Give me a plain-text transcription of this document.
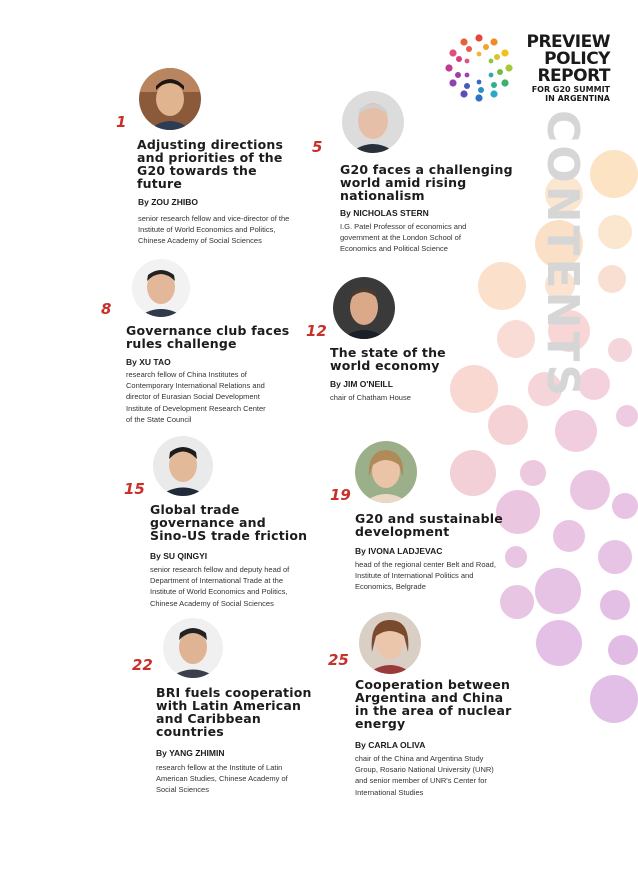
CONTENTS
PREVIEW
POLICY
REPORT
FOR G20 SUMMIT
IN ARGENTINA
1
Adjusting directions
and priorities of the
G20 towards the
future
By ZOU ZHIBO
senior research fellow and vice-director of the
Institute of World Economics and Politics,
Chinese Academy of Social Sciences
5
G20 faces a challenging
world amid rising
nationalism
By NICHOLAS STERN
I.G. Patel Professor of economics and
government at the London School of
Economics and Political Science
8
Governance club faces
rules challenge
By XU TAO
research fellow of China Institutes of
Contemporary International Relations and
director of Eurasian Social Development
Institute of Development Research Center
of the State Council
12
The state of the
world economy
By JIM O'NEILL
chair of Chatham House
15
Global trade
governance and
Sino-US trade friction
By SU QINGYI
senior research fellow and deputy head of
Department of International Trade at the
Institute of World Economics and Politics,
Chinese Academy of Social Sciences
19
G20 and sustainable
development
By IVONA LADJEVAC
head of the regional center Belt and Road,
Institute of International Politics and
Economics, Belgrade
22
BRI fuels cooperation
with Latin American
and Caribbean
countries
By YANG ZHIMIN
research fellow at the Institute of Latin
American Studies, Chinese Academy of
Social Sciences
25
Cooperation between
Argentina and China
in the area of nuclear
energy
By CARLA OLIVA
chair of the China and Argentina Study
Group, Rosario National University (UNR)
and senior member of UNR's Center for
International Studies
